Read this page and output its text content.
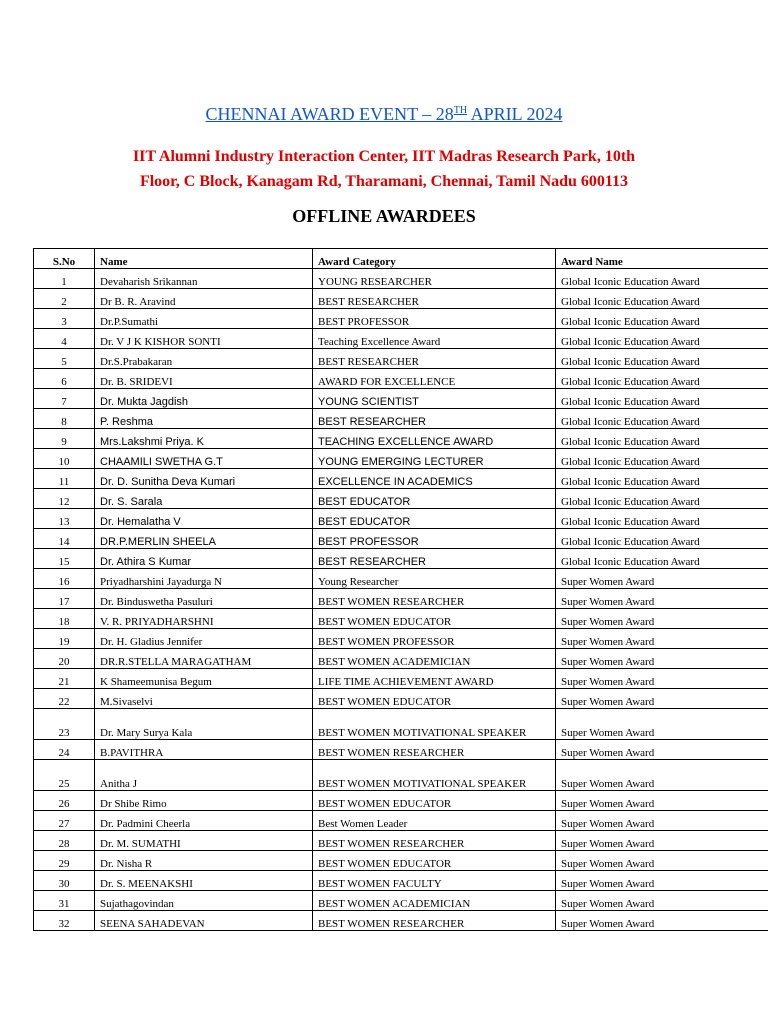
CHENNAI AWARD EVENT – 28TH APRIL 2024
IIT Alumni Industry Interaction Center, IIT Madras Research Park, 10th
Floor, C Block, Kanagam Rd, Tharamani, Chennai, Tamil Nadu 600113
OFFLINE AWARDEES
S.No	Name	Award Category	Award Name
1	Devaharish Srikannan	YOUNG RESEARCHER	Global Iconic Education Award
2	Dr B. R. Aravind	BEST RESEARCHER	Global Iconic Education Award
3	Dr.P.Sumathi	BEST PROFESSOR	Global Iconic Education Award
4	Dr. V J K KISHOR SONTI	Teaching Excellence Award	Global Iconic Education Award
5	Dr.S.Prabakaran	BEST RESEARCHER	Global Iconic Education Award
6	Dr. B. SRIDEVI	AWARD FOR EXCELLENCE	Global Iconic Education Award
7	Dr. Mukta Jagdish	YOUNG SCIENTIST	Global Iconic Education Award
8	P. Reshma	BEST RESEARCHER	Global Iconic Education Award
9	Mrs.Lakshmi Priya. K	TEACHING EXCELLENCE AWARD	Global Iconic Education Award
10	CHAAMILI SWETHA G.T	YOUNG EMERGING LECTURER	Global Iconic Education Award
11	Dr. D. Sunitha Deva Kumari	EXCELLENCE IN ACADEMICS	Global Iconic Education Award
12	Dr. S. Sarala	BEST EDUCATOR	Global Iconic Education Award
13	Dr. Hemalatha V	BEST EDUCATOR	Global Iconic Education Award
14	DR.P.MERLIN SHEELA	BEST PROFESSOR	Global Iconic Education Award
15	Dr. Athira S Kumar	BEST RESEARCHER	Global Iconic Education Award
16	Priyadharshini Jayadurga N	Young Researcher	Super Women Award
17	Dr. Binduswetha Pasuluri	BEST WOMEN RESEARCHER	Super Women Award
18	V. R. PRIYADHARSHNI	BEST WOMEN EDUCATOR	Super Women Award
19	Dr. H. Gladius Jennifer	BEST WOMEN PROFESSOR	Super Women Award
20	DR.R.STELLA MARAGATHAM	BEST WOMEN ACADEMICIAN	Super Women Award
21	K Shameemunisa Begum	LIFE TIME ACHIEVEMENT AWARD	Super Women Award
22	M.Sivaselvi	BEST WOMEN EDUCATOR	Super Women Award
23	Dr. Mary Surya Kala	BEST WOMEN MOTIVATIONAL SPEAKER	Super Women Award
24	B.PAVITHRA	BEST WOMEN RESEARCHER	Super Women Award
25	Anitha J	BEST WOMEN MOTIVATIONAL SPEAKER	Super Women Award
26	Dr Shibe Rimo	BEST WOMEN EDUCATOR	Super Women Award
27	Dr. Padmini Cheerla	Best Women Leader	Super Women Award
28	Dr. M. SUMATHI	BEST WOMEN RESEARCHER	Super Women Award
29	Dr. Nisha R	BEST WOMEN EDUCATOR	Super Women Award
30	Dr. S. MEENAKSHI	BEST WOMEN FACULTY	Super Women Award
31	Sujathagovindan	BEST WOMEN ACADEMICIAN	Super Women Award
32	SEENA SAHADEVAN	BEST WOMEN RESEARCHER	Super Women Award
